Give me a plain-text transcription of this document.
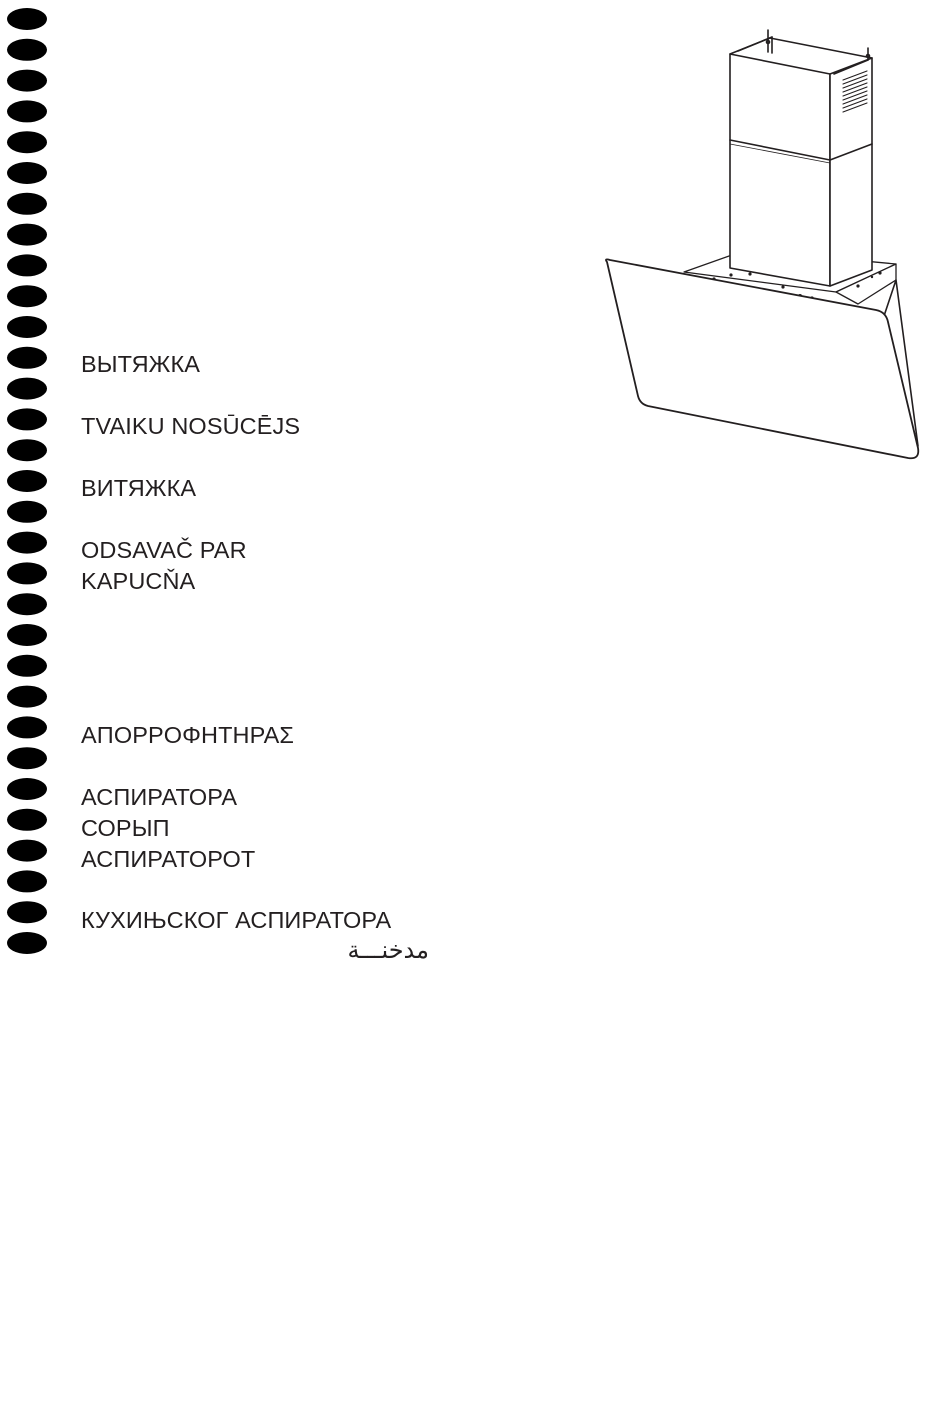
ВЫТЯЖКА
TVAIKU NOSŪCĒJS
ВИТЯЖКА
ODSAVAČ PAR
KAPUCŇA
ΑΠΟΡΡΟΦΗΤΗΡΑΣ
АСПИРАТОРА
СОРЫП
АСПИРАТОРОТ
КУХИЊСКОГ АСПИРАТОРА
مدخنـــة
